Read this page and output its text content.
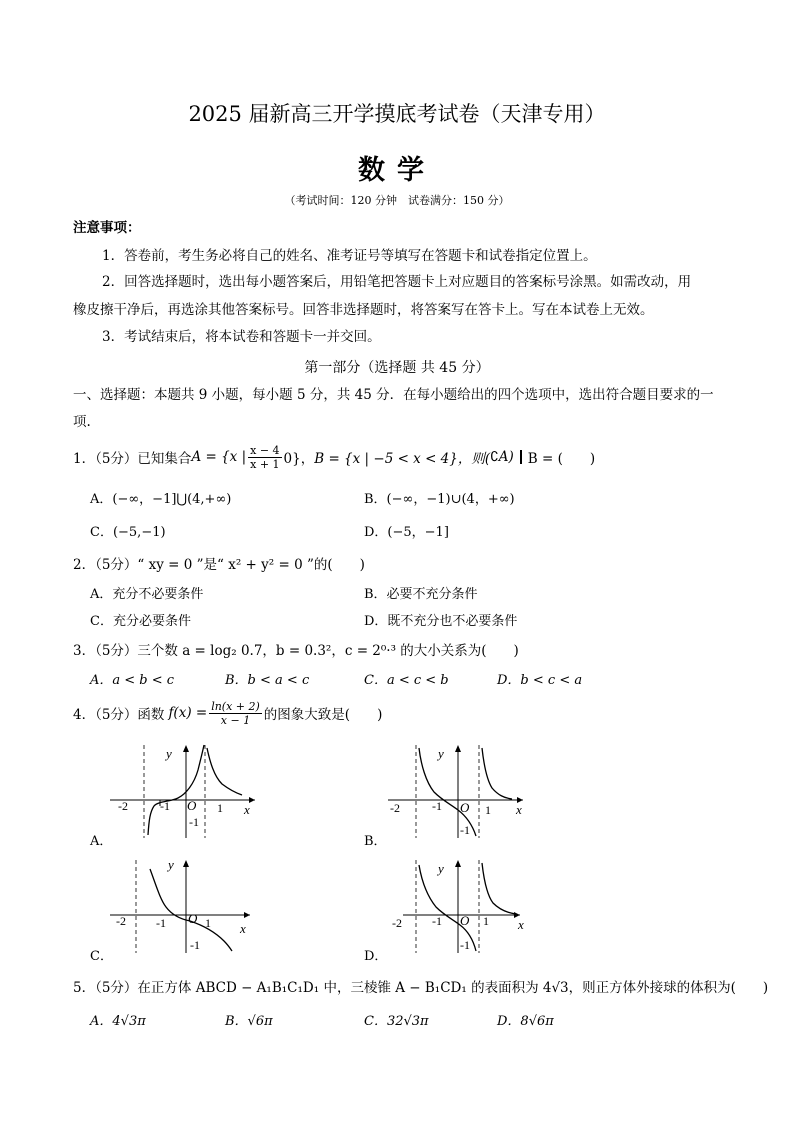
2025 届新高三开学摸底考试卷（天津专用）
数学
（考试时间：120 分钟　试卷满分：150 分）
注意事项：
1．答卷前，考生务必将自己的姓名、准考证号等填写在答题卡和试卷指定位置上。
2．回答选择题时，选出每小题答案后，用铅笔把答题卡上对应题目的答案标号涂黑。如需改动，用
橡皮擦干净后，再选涂其他答案标号。回答非选择题时，将答案写在答卡上。写在本试卷上无效。
3．考试结束后，将本试卷和答题卡一并交回。
第一部分（选择题 共 45 分）
一、选择题：本题共 9 小题，每小题 5 分，共 45 分．在每小题给出的四个选项中，选出符合题目要求的一
项.
1．（5分）已知集合 A = {x | $\frac{x - 4}{x + 1} 0$}， B = {x | −5 < x < 4}，则( ∁ A) B = (　　)
A．(−∞，−1]⋃(4,+∞)	B．(−∞，−1)∪(4，+∞)
C．(−5,−1)	D．(−5，−1]
2．（5分）“ xy = 0 ”是“ x² + y² = 0 ”的(　　)
A．充分不必要条件	B．必要不充分条件
C．充分必要条件	D．既不充分也不必要条件
3．（5分）三个数 a = log₂ 0.7，b = 0.3²，c = 2⁰·³ 的大小关系为(　　)
A．a < b < c	B．b < a < c	C．a < c < b	D．b < c < a
4．（5分）函数 $f(x) = \frac{\ln(x + 2)}{x - 1}$ 的图象大致是(　　)
y
x
-2	-1 O 1
-1
A．
y
x
-2	-1 O 1
-1
B．
y
x
-2	-1 O 1
-1
C．
y
x
-2	-1 O 1
-1
D．
5．（5分）在正方体 ABCD − A₁B₁C₁D₁ 中，三棱锥 A − B₁CD₁ 的表面积为 4√3，则正方体外接球的体积为(　　)
A．4√3π	B．√6π	C．32√3π	D．8√6π
